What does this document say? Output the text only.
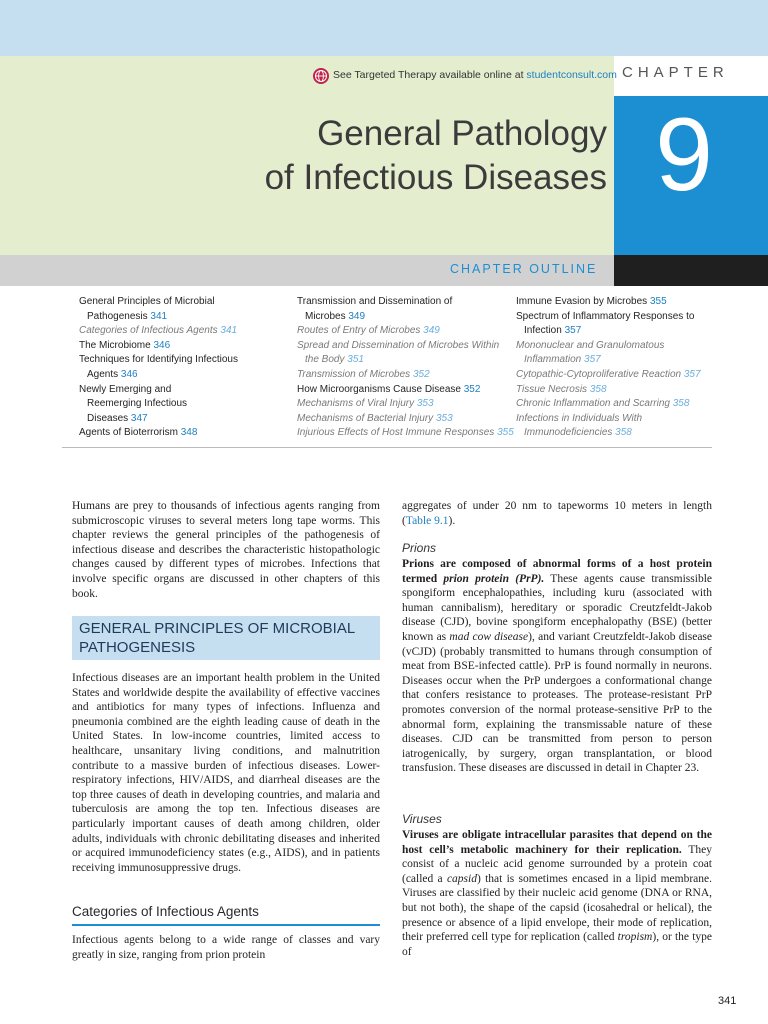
9
CHAPTER
See Targeted Therapy available online at studentconsult.com
General Pathology
of Infectious Diseases
CHAPTER OUTLINE
General Principles of Microbial
Pathogenesis 341
Categories of Infectious Agents 341
The Microbiome 346
Techniques for Identifying Infectious
Agents 346
Newly Emerging and
Reemerging Infectious
Diseases 347
Agents of Bioterrorism 348
Transmission and Dissemination of
Microbes 349
Routes of Entry of Microbes 349
Spread and Dissemination of Microbes Within
the Body 351
Transmission of Microbes 352
How Microorganisms Cause Disease 352
Mechanisms of Viral Injury 353
Mechanisms of Bacterial Injury 353
Injurious Effects of Host Immune Responses 355
Immune Evasion by Microbes 355
Spectrum of Inflammatory Responses to
Infection 357
Mononuclear and Granulomatous
Inflammation 357
Cytopathic-Cytoproliferative Reaction 357
Tissue Necrosis 358
Chronic Inflammation and Scarring 358
Infections in Individuals With
Immunodeficiencies 358
Humans are prey to thousands of infectious agents ranging from submicroscopic viruses to several meters long tape worms. This chapter reviews the general principles of the pathogenesis of infectious disease and describes the characteristic histopathologic changes caused by different types of microbes. Infections that involve specific organs are discussed in other chapters of this book.
GENERAL PRINCIPLES OF MICROBIAL PATHOGENESIS
Infectious diseases are an important health problem in the United States and worldwide despite the availability of effective vaccines and antibiotics for many types of infections. Influenza and pneumonia combined are the eighth leading cause of death in the United States. In low-income countries, limited access to healthcare, unsanitary living conditions, and malnutrition contribute to a massive burden of infectious diseases. Lower-respiratory infections, HIV/AIDS, and diarrheal diseases are the top three causes of death in developing countries, and malaria and tuberculosis are among the top ten. Infectious diseases are particularly important causes of death among children, older adults, individuals with chronic debilitating diseases and inherited or acquired immunodeficiency states (e.g., AIDS), and in patients receiving immunosuppressive drugs.
Categories of Infectious Agents
Infectious agents belong to a wide range of classes and vary greatly in size, ranging from prion protein
aggregates of under 20 nm to tapeworms 10 meters in length (Table 9.1).
Prions
Prions are composed of abnormal forms of a host protein termed prion protein (PrP). These agents cause transmissible spongiform encephalopathies, including kuru (associated with human cannibalism), hereditary or sporadic Creutzfeldt-Jakob disease (CJD), bovine spongiform encephalopathy (BSE) (better known as mad cow disease), and variant Creutzfeldt-Jakob disease (vCJD) (probably transmitted to humans through consumption of meat from BSE-infected cattle). PrP is found normally in neurons. Diseases occur when the PrP undergoes a conformational change that confers resistance to proteases. The protease-resistant PrP promotes conversion of the normal protease-sensitive PrP to the abnormal form, explaining the transmissable nature of these diseases. CJD can be transmitted from person to person iatrogenically, by surgery, organ transplantation, or blood transfusion. These diseases are discussed in detail in Chapter 23.
Viruses
Viruses are obligate intracellular parasites that depend on the host cell’s metabolic machinery for their replication. They consist of a nucleic acid genome surrounded by a protein coat (called a capsid) that is sometimes encased in a lipid membrane. Viruses are classified by their nucleic acid genome (DNA or RNA, but not both), the shape of the capsid (icosahedral or helical), the presence or absence of a lipid envelope, their mode of replication, their preferred cell type for replication (called tropism), or the type of
341
